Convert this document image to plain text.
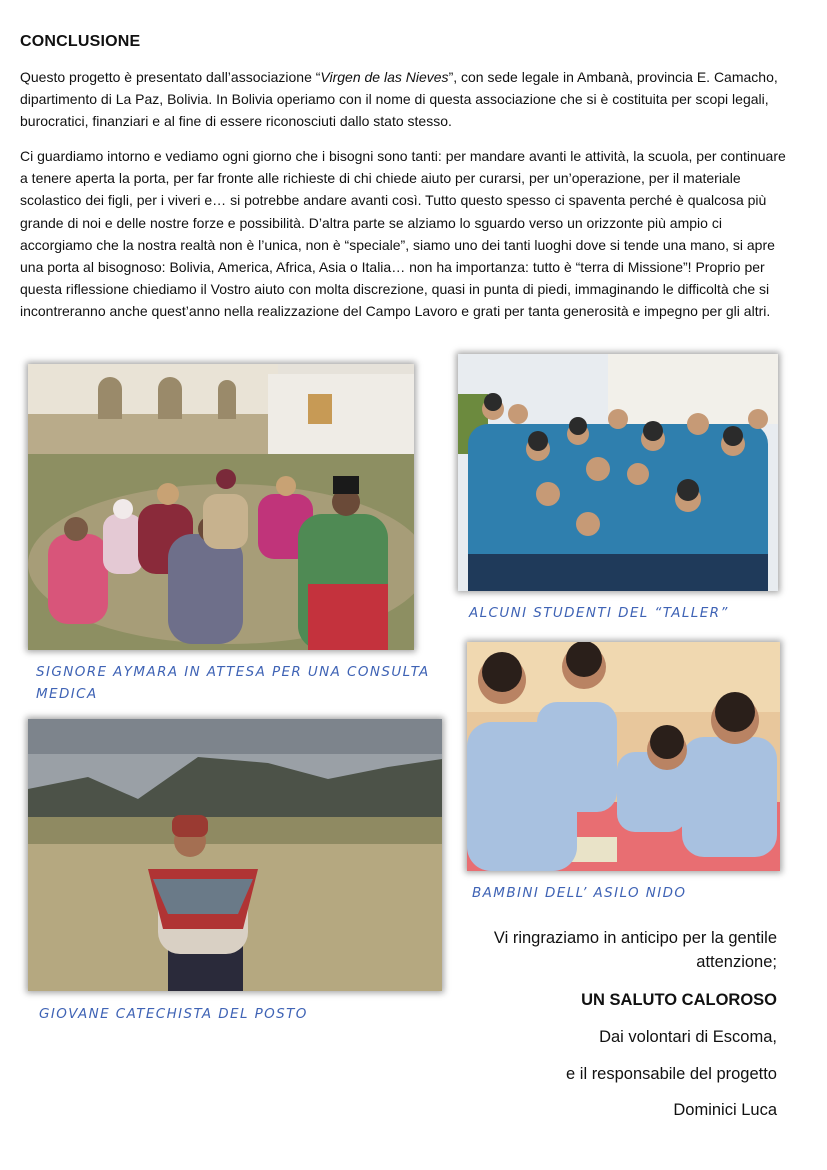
CONCLUSIONE

Questo progetto è presentato dall’associazione “Virgen de las Nieves”, con sede legale in Ambanà, provincia E. Camacho, dipartimento di La Paz, Bolivia. In Bolivia operiamo con il nome di questa associazione che si è costituita per scopi legali, burocratici, finanziari e al fine di essere riconosciuti dallo stato stesso.

Ci guardiamo intorno e vediamo ogni giorno che i bisogni sono tanti: per mandare avanti le attività, la scuola, per continuare a tenere aperta la porta, per far fronte alle richieste di chi chiede aiuto per curarsi, per un’operazione, per il materiale scolastico dei figli, per i viveri e… si potrebbe andare avanti così. Tutto questo spesso ci spaventa perché è qualcosa più grande di noi e delle nostre forze e possibilità. D’altra parte se alziamo lo sguardo verso un orizzonte più ampio ci accorgiamo che la nostra realtà non è l’unica, non è “speciale”, siamo uno dei tanti luoghi dove si tende una mano, si apre una porta al bisognoso: Bolivia, America, Africa, Asia o Italia… non ha importanza: tutto è “terra di Missione”! Proprio per questa riflessione chiediamo il Vostro aiuto con molta discrezione, quasi in punta di piedi, immaginando le difficoltà che si incontreranno anche quest’anno nella realizzazione del Campo Lavoro e grati per tanta generosità e impegno per gli altri.

ALCUNI STUDENTI DEL “TALLER”
BAMBINI DELL’ ASILO NIDO
SIGNORE AYMARA IN ATTESA PER UNA CONSULTA MEDICA
GIOVANE CATECHISTA DEL POSTO
Vi ringraziamo in anticipo per la gentile attenzione;
UN SALUTO CALOROSO
Dai volontari di Escoma,
e il responsabile del progetto
Dominici Luca
